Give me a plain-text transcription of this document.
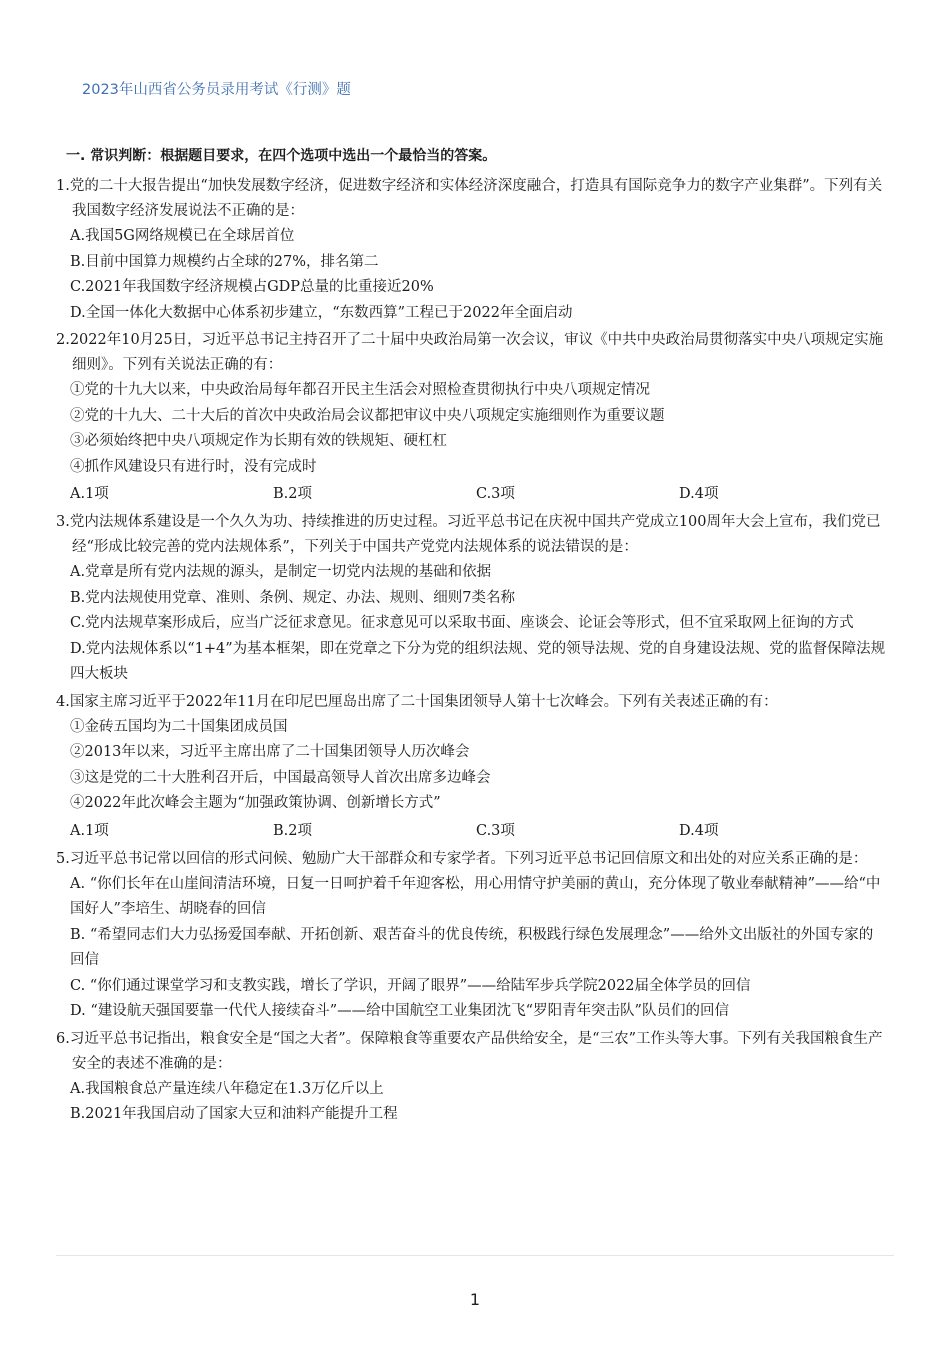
2023年山西省公务员录用考试《行测》题
一. 常识判断：根据题目要求，在四个选项中选出一个最恰当的答案。
1.党的二十大报告提出“加快发展数字经济，促进数字经济和实体经济深度融合，打造具有国际竞争力的数字产业集群”。下列有关我国数字经济发展说法不正确的是：
A.我国5G网络规模已在全球居首位
B.目前中国算力规模约占全球的27%，排名第二
C.2021年我国数字经济规模占GDP总量的比重接近20%
D.全国一体化大数据中心体系初步建立，“东数西算”工程已于2022年全面启动
2.2022年10月25日，习近平总书记主持召开了二十届中央政治局第一次会议，审议《中共中央政治局贯彻落实中央八项规定实施细则》。下列有关说法正确的有：
①党的十九大以来，中央政治局每年都召开民主生活会对照检查贯彻执行中央八项规定情况
②党的十九大、二十大后的首次中央政治局会议都把审议中央八项规定实施细则作为重要议题
③必须始终把中央八项规定作为长期有效的铁规矩、硬杠杠
④抓作风建设只有进行时，没有完成时
A.1项	B.2项	C.3项	D.4项
3.党内法规体系建设是一个久久为功、持续推进的历史过程。习近平总书记在庆祝中国共产党成立100周年大会上宣布，我们党已经“形成比较完善的党内法规体系”，下列关于中国共产党党内法规体系的说法错误的是：
A.党章是所有党内法规的源头，是制定一切党内法规的基础和依据
B.党内法规使用党章、准则、条例、规定、办法、规则、细则7类名称
C.党内法规草案形成后，应当广泛征求意见。征求意见可以采取书面、座谈会、论证会等形式，但不宜采取网上征询的方式
D.党内法规体系以“1+4”为基本框架，即在党章之下分为党的组织法规、党的领导法规、党的自身建设法规、党的监督保障法规四大板块
4.国家主席习近平于2022年11月在印尼巴厘岛出席了二十国集团领导人第十七次峰会。下列有关表述正确的有：
①金砖五国均为二十国集团成员国
②2013年以来，习近平主席出席了二十国集团领导人历次峰会
③这是党的二十大胜利召开后，中国最高领导人首次出席多边峰会
④2022年此次峰会主题为“加强政策协调、创新增长方式”
A.1项	B.2项	C.3项	D.4项
5.习近平总书记常以回信的形式问候、勉励广大干部群众和专家学者。下列习近平总书记回信原文和出处的对应关系正确的是：
A. “你们长年在山崖间清洁环境，日复一日呵护着千年迎客松，用心用情守护美丽的黄山，充分体现了敬业奉献精神”——给“中国好人”李培生、胡晓春的回信
B. “希望同志们大力弘扬爱国奉献、开拓创新、艰苦奋斗的优良传统，积极践行绿色发展理念”——给外文出版社的外国专家的回信
C. “你们通过课堂学习和支教实践，增长了学识，开阔了眼界”——给陆军步兵学院2022届全体学员的回信
D. “建设航天强国要靠一代代人接续奋斗”——给中国航空工业集团沈飞“罗阳青年突击队”队员们的回信
6.习近平总书记指出，粮食安全是“国之大者”。保障粮食等重要农产品供给安全，是“三农”工作头等大事。下列有关我国粮食生产安全的表述不准确的是：
A.我国粮食总产量连续八年稳定在1.3万亿斤以上
B.2021年我国启动了国家大豆和油料产能提升工程
1
